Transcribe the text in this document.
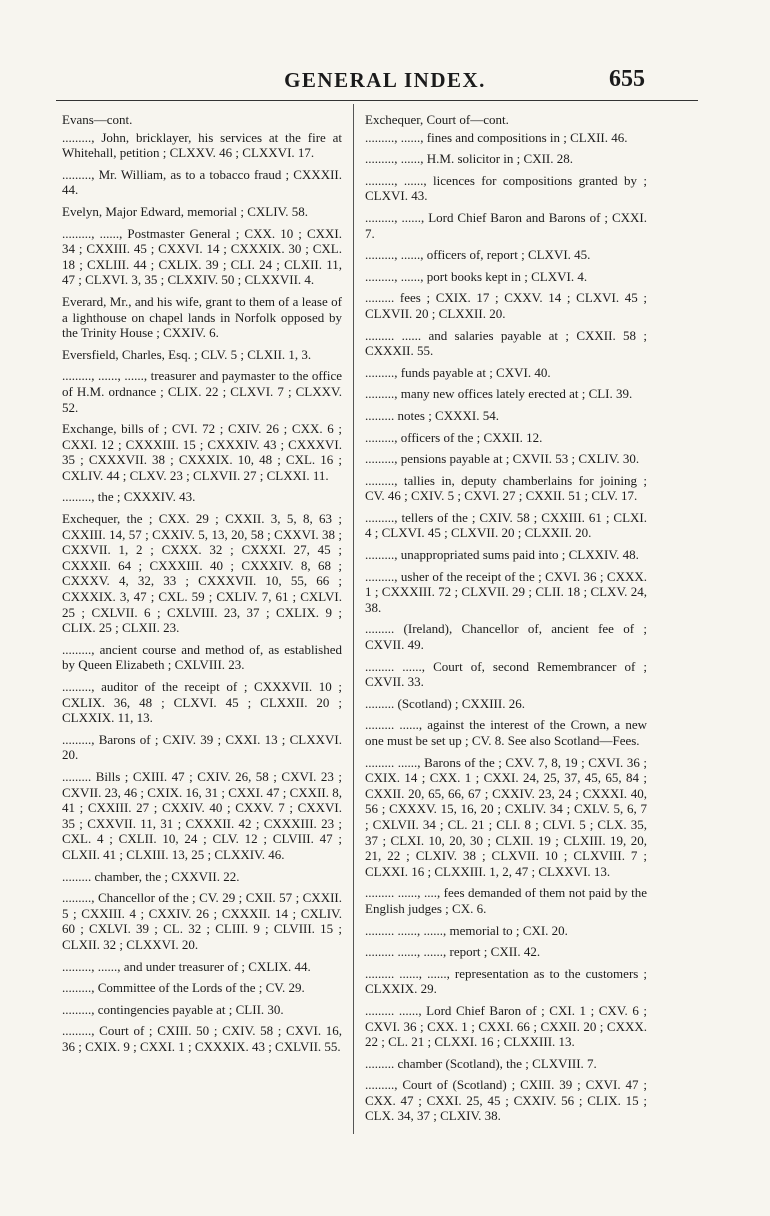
GENERAL INDEX.	655
Evans—cont.
........., John, bricklayer, his services at the fire at Whitehall, petition ; CLXXV. 46 ; CLXXVI. 17.
........., Mr. William, as to a tobacco fraud ; CXXXII. 44.
Evelyn, Major Edward, memorial ; CXLIV. 58.
........., ......, Postmaster General ; CXX. 10 ; CXXI. 34 ; CXXIII. 45 ; CXXVI. 14 ; CXXXIX. 30 ; CXL. 18 ; CXLIII. 44 ; CXLIX. 39 ; CLI. 24 ; CLXII. 11, 47 ; CLXVI. 3, 35 ; CLXXIV. 50 ; CLXXVII. 4.
Everard, Mr., and his wife, grant to them of a lease of a lighthouse on chapel lands in Norfolk opposed by the Trinity House ; CXXIV. 6.
Eversfield, Charles, Esq. ; CLV. 5 ; CLXII. 1, 3.
........., ......, ......, treasurer and paymaster to the office of H.M. ordnance ; CLIX. 22 ; CLXVI. 7 ; CLXXV. 52.
Exchange, bills of ; CVI. 72 ; CXIV. 26 ; CXX. 6 ; CXXI. 12 ; CXXXIII. 15 ; CXXXIV. 43 ; CXXXVI. 35 ; CXXXVII. 38 ; CXXXIX. 10, 48 ; CXL. 16 ; CXLIV. 44 ; CLXV. 23 ; CLXVII. 27 ; CLXXI. 11.
........., the ; CXXXIV. 43.
Exchequer, the ; CXX. 29 ; CXXII. 3, 5, 8, 63 ; CXXIII. 14, 57 ; CXXIV. 5, 13, 20, 58 ; CXXVI. 38 ; CXXVII. 1, 2 ; CXXX. 32 ; CXXXI. 27, 45 ; CXXXII. 64 ; CXXXIII. 40 ; CXXXIV. 8, 68 ; CXXXV. 4, 32, 33 ; CXXXVII. 10, 55, 66 ; CXXXIX. 3, 47 ; CXL. 59 ; CXLIV. 7, 61 ; CXLVI. 25 ; CXLVII. 6 ; CXLVIII. 23, 37 ; CXLIX. 9 ; CLIX. 25 ; CLXII. 23.
........., ancient course and method of, as established by Queen Elizabeth ; CXLVIII. 23.
........., auditor of the receipt of ; CXXXVII. 10 ; CXLIX. 36, 48 ; CLXVI. 45 ; CLXXII. 20 ; CLXXIX. 11, 13.
........., Barons of ; CXIV. 39 ; CXXI. 13 ; CLXXVI. 20.
......... Bills ; CXIII. 47 ; CXIV. 26, 58 ; CXVI. 23 ; CXVII. 23, 46 ; CXIX. 16, 31 ; CXXI. 47 ; CXXII. 8, 41 ; CXXIII. 27 ; CXXIV. 40 ; CXXV. 7 ; CXXVI. 35 ; CXXVII. 11, 31 ; CXXXII. 42 ; CXXXIII. 23 ; CXL. 4 ; CXLII. 10, 24 ; CLV. 12 ; CLVIII. 47 ; CLXII. 41 ; CLXIII. 13, 25 ; CLXXIV. 46.
......... chamber, the ; CXXVII. 22.
........., Chancellor of the ; CV. 29 ; CXII. 57 ; CXXII. 5 ; CXXIII. 4 ; CXXIV. 26 ; CXXXII. 14 ; CXLIV. 60 ; CXLVI. 39 ; CL. 32 ; CLIII. 9 ; CLVIII. 15 ; CLXII. 32 ; CLXXVI. 20.
........., ......, and under treasurer of ; CXLIX. 44.
........., Committee of the Lords of the ; CV. 29.
........., contingencies payable at ; CLII. 30.
........., Court of ; CXIII. 50 ; CXIV. 58 ; CXVI. 16, 36 ; CXIX. 9 ; CXXI. 1 ; CXXXIX. 43 ; CXLVII. 55.
Exchequer, Court of—cont.
........., ......, fines and compositions in ; CLXII. 46.
........., ......, H.M. solicitor in ; CXII. 28.
........., ......, licences for compositions granted by ; CLXVI. 43.
........., ......, Lord Chief Baron and Barons of ; CXXI. 7.
........., ......, officers of, report ; CLXVI. 45.
........., ......, port books kept in ; CLXVI. 4.
......... fees ; CXIX. 17 ; CXXV. 14 ; CLXVI. 45 ; CLXVII. 20 ; CLXXII. 20.
......... ...... and salaries payable at ; CXXII. 58 ; CXXXII. 55.
........., funds payable at ; CXVI. 40.
........., many new offices lately erected at ; CLI. 39.
......... notes ; CXXXI. 54.
........., officers of the ; CXXII. 12.
........., pensions payable at ; CXVII. 53 ; CXLIV. 30.
........., tallies in, deputy chamberlains for joining ; CV. 46 ; CXIV. 5 ; CXVI. 27 ; CXXII. 51 ; CLV. 17.
........., tellers of the ; CXIV. 58 ; CXXIII. 61 ; CLXI. 4 ; CLXVI. 45 ; CLXVII. 20 ; CLXXII. 20.
........., unappropriated sums paid into ; CLXXIV. 48.
........., usher of the receipt of the ; CXVI. 36 ; CXXX. 1 ; CXXXIII. 72 ; CLXVII. 29 ; CLII. 18 ; CLXV. 24, 38.
......... (Ireland), Chancellor of, ancient fee of ; CXVII. 49.
......... ......, Court of, second Remembrancer of ; CXVII. 33.
......... (Scotland) ; CXXIII. 26.
......... ......, against the interest of the Crown, a new one must be set up ; CV. 8. See also Scotland—Fees.
......... ......, Barons of the ; CXV. 7, 8, 19 ; CXVI. 36 ; CXIX. 14 ; CXX. 1 ; CXXI. 24, 25, 37, 45, 65, 84 ; CXXII. 20, 65, 66, 67 ; CXXIV. 23, 24 ; CXXXI. 40, 56 ; CXXXV. 15, 16, 20 ; CXLIV. 34 ; CXLV. 5, 6, 7 ; CXLVII. 34 ; CL. 21 ; CLI. 8 ; CLVI. 5 ; CLX. 35, 37 ; CLXI. 10, 20, 30 ; CLXII. 19 ; CLXIII. 19, 20, 21, 22 ; CLXIV. 38 ; CLXVII. 10 ; CLXVIII. 7 ; CLXXI. 16 ; CLXXIII. 1, 2, 47 ; CLXXVI. 13.
......... ......, ...., fees demanded of them not paid by the English judges ; CX. 6.
......... ......, ......, memorial to ; CXI. 20.
......... ......, ......, report ; CXII. 42.
......... ......, ......, representation as to the customers ; CLXXIX. 29.
......... ......, Lord Chief Baron of ; CXI. 1 ; CXV. 6 ; CXVI. 36 ; CXX. 1 ; CXXI. 66 ; CXXII. 20 ; CXXX. 22 ; CL. 21 ; CLXXI. 16 ; CLXXIII. 13.
......... chamber (Scotland), the ; CLXVIII. 7.
........., Court of (Scotland) ; CXIII. 39 ; CXVI. 47 ; CXX. 47 ; CXXI. 25, 45 ; CXXIV. 56 ; CLIX. 15 ; CLX. 34, 37 ; CLXIV. 38.
